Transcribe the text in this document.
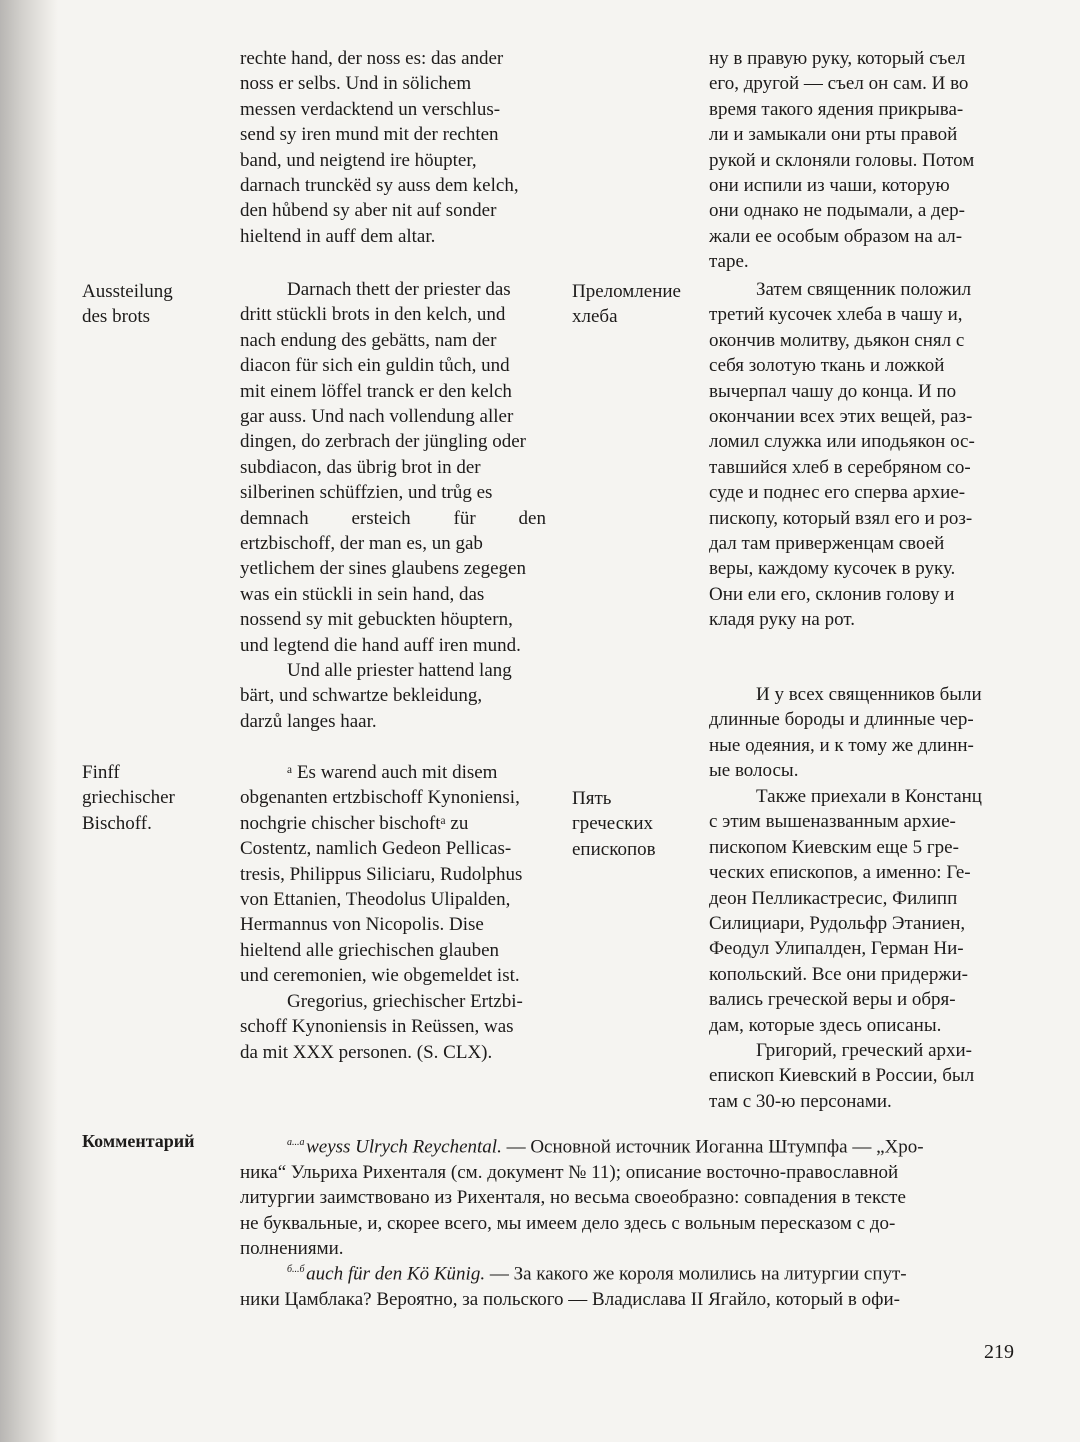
rechte hand, der noss es: das ander
noss er selbs. Und in sölichem
messen verdacktend un verschlus-
send sy iren mund mit der rechten
band, und neigtend ire höupter,
darnach trunckëd sy auss dem kelch,
den hůbend sy aber nit auf sonder
hieltend in auff dem altar.
Darnach thett der priester das
dritt stückli brots in den kelch, und
nach endung des gebätts, nam der
diacon für sich ein guldin tůch, und
mit einem löffel tranck er den kelch
gar auss. Und nach vollendung aller
dingen, do zerbrach der jüngling oder
subdiacon, das übrig brot in der
silberinen schüffzien, und trůg es
demnach ersteich für den
ertzbischoff, der man es, un gab
yetlichem der sines glaubens zegegen
was ein stückli in sein hand, das
nossend sy mit gebuckten höuptern,
und legtend die hand auff iren mund.
Und alle priester hattend lang
bärt, und schwartze bekleidung,
darzů langes haar.
ᵃ Es warend auch mit disem
obgenanten ertzbischoff Kynoniensi,
nochgrie chischer bischoftᵃ zu
Costentz, namlich Gedeon Pellicas-
tresis, Philippus Siliciaru, Rudolphus
von Ettanien, Theodolus Ulipalden,
Hermannus von Nicopolis. Dise
hieltend alle griechischen glauben
und ceremonien, wie obgemeldet ist.
Gregorius, griechischer Ertzbi-
schoff Kynoniensis in Reüssen, was
da mit XXX personen. (S. CLX).
Aussteilung
des brots
Finff
griechischer
Bischoff.
ну в правую руку, который съел
его, другой — съел он сам. И во
время такого ядения прикрыва-
ли и замыкали они рты правой
рукой и склоняли головы. Потом
они испили из чаши, которую
они однако не подымали, а дер-
жали ее особым образом на ал-
таре.
Затем священник положил
третий кусочек хлеба в чашу и,
окончив молитву, дьякон снял с
себя золотую ткань и ложкой
вычерпал чашу до конца. И по
окончании всех этих вещей, раз-
ломил служка или иподьякон ос-
тавшийся хлеб в серебряном со-
суде и поднес его сперва архие-
пископу, который взял его и роз-
дал там приверженцам своей
веры, каждому кусочек в руку.
Они ели его, склонив голову и
кладя руку на рот.
И у всех священников были
длинные бороды и длинные чер-
ные одеяния, и к тому же длинн-
ые волосы.
Также приехали в Констанц
с этим вышеназванным архие-
пископом Киевским еще 5 гре-
ческих епископов, а именно: Ге-
деон Пелликастресис, Филипп
Силициари, Рудольфр Этаниен,
Феодул Улипалден, Герман Ни-
копольский. Все они придержи-
вались греческой веры и обря-
дам, которые здесь описаны.
Григорий, греческий архи-
епископ Киевский в России, был
там с 30-ю персонами.
Преломление
хлеба
Пять
греческих
епископов
Комментарий	$^{а...а}$ weyss Ulrych Reychental. — Основной источник Иоганна Штумпфа — „Хро-
ника“ Ульриха Рихенталя (см. документ № 11); описание восточно-православной
литургии заимствовано из Рихенталя, но весьма своеобразно: совпадения в тексте
не буквальные, и, скорее всего, мы имеем дело здесь с вольным пересказом с до-
полнениями.
$^{б...б}$ auch für den Kö Künig. — За какого же короля молились на литургии спут-
ники Цамблака? Вероятно, за польского — Владислава II Ягайло, который в офи-
219
